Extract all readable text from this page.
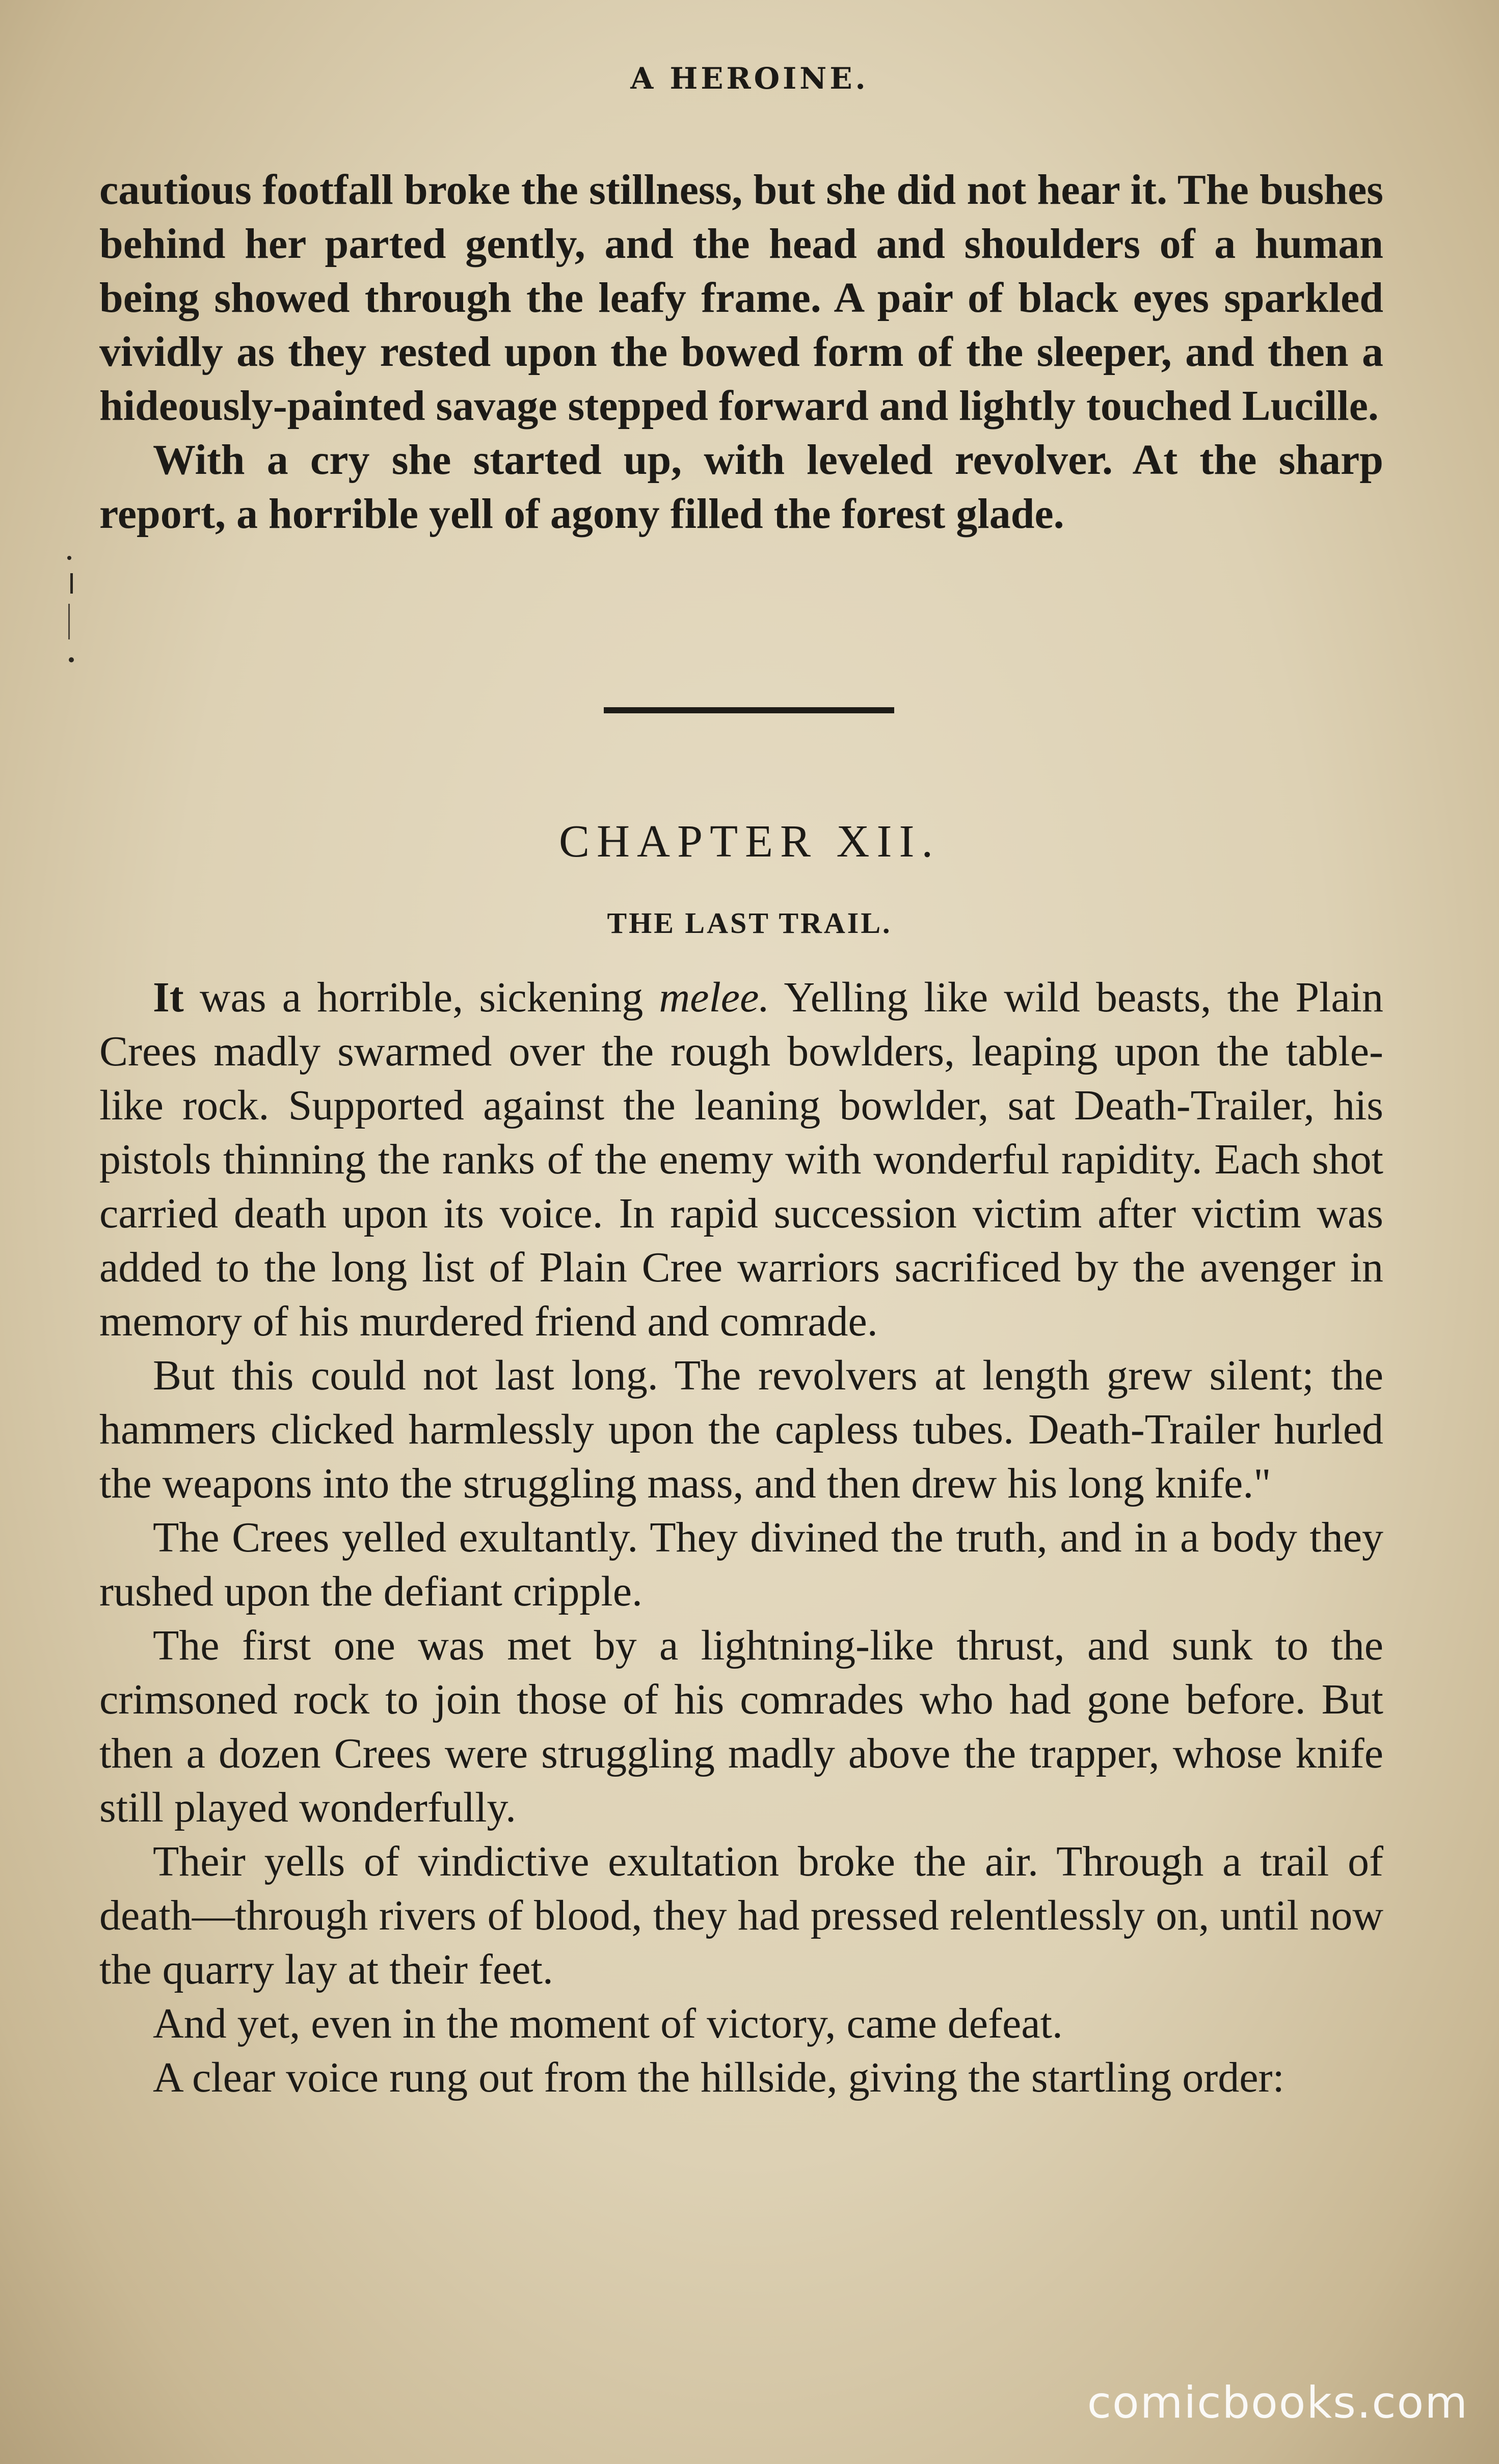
A HEROINE.

cautious footfall broke the stillness, but she did not hear it. The bushes behind her parted gently, and the head and shoulders of a human being showed through the leafy frame. A pair of black eyes sparkled vividly as they rested upon the bowed form of the sleeper, and then a hideously-painted savage stepped forward and lightly touched Lucille.

With a cry she started up, with leveled revolver. At the sharp report, a horrible yell of agony filled the forest glade.

CHAPTER XII.
THE LAST TRAIL.

It was a horrible, sickening melee. Yelling like wild beasts, the Plain Crees madly swarmed over the rough bowlders, leaping upon the table-like rock. Supported against the leaning bowlder, sat Death-Trailer, his pistols thinning the ranks of the enemy with wonderful rapidity. Each shot carried death upon its voice. In rapid succession victim after victim was added to the long list of Plain Cree warriors sacrificed by the avenger in memory of his murdered friend and comrade.

But this could not last long. The revolvers at length grew silent; the hammers clicked harmlessly upon the capless tubes. Death-Trailer hurled the weapons into the struggling mass, and then drew his long knife."

The Crees yelled exultantly. They divined the truth, and in a body they rushed upon the defiant cripple.

The first one was met by a lightning-like thrust, and sunk to the crimsoned rock to join those of his comrades who had gone before. But then a dozen Crees were struggling madly above the trapper, whose knife still played wonderfully.

Their yells of vindictive exultation broke the air. Through a trail of death—through rivers of blood, they had pressed relentlessly on, until now the quarry lay at their feet.

And yet, even in the moment of victory, came defeat.

A clear voice rung out from the hillside, giving the startling order:

comicbooks.com
